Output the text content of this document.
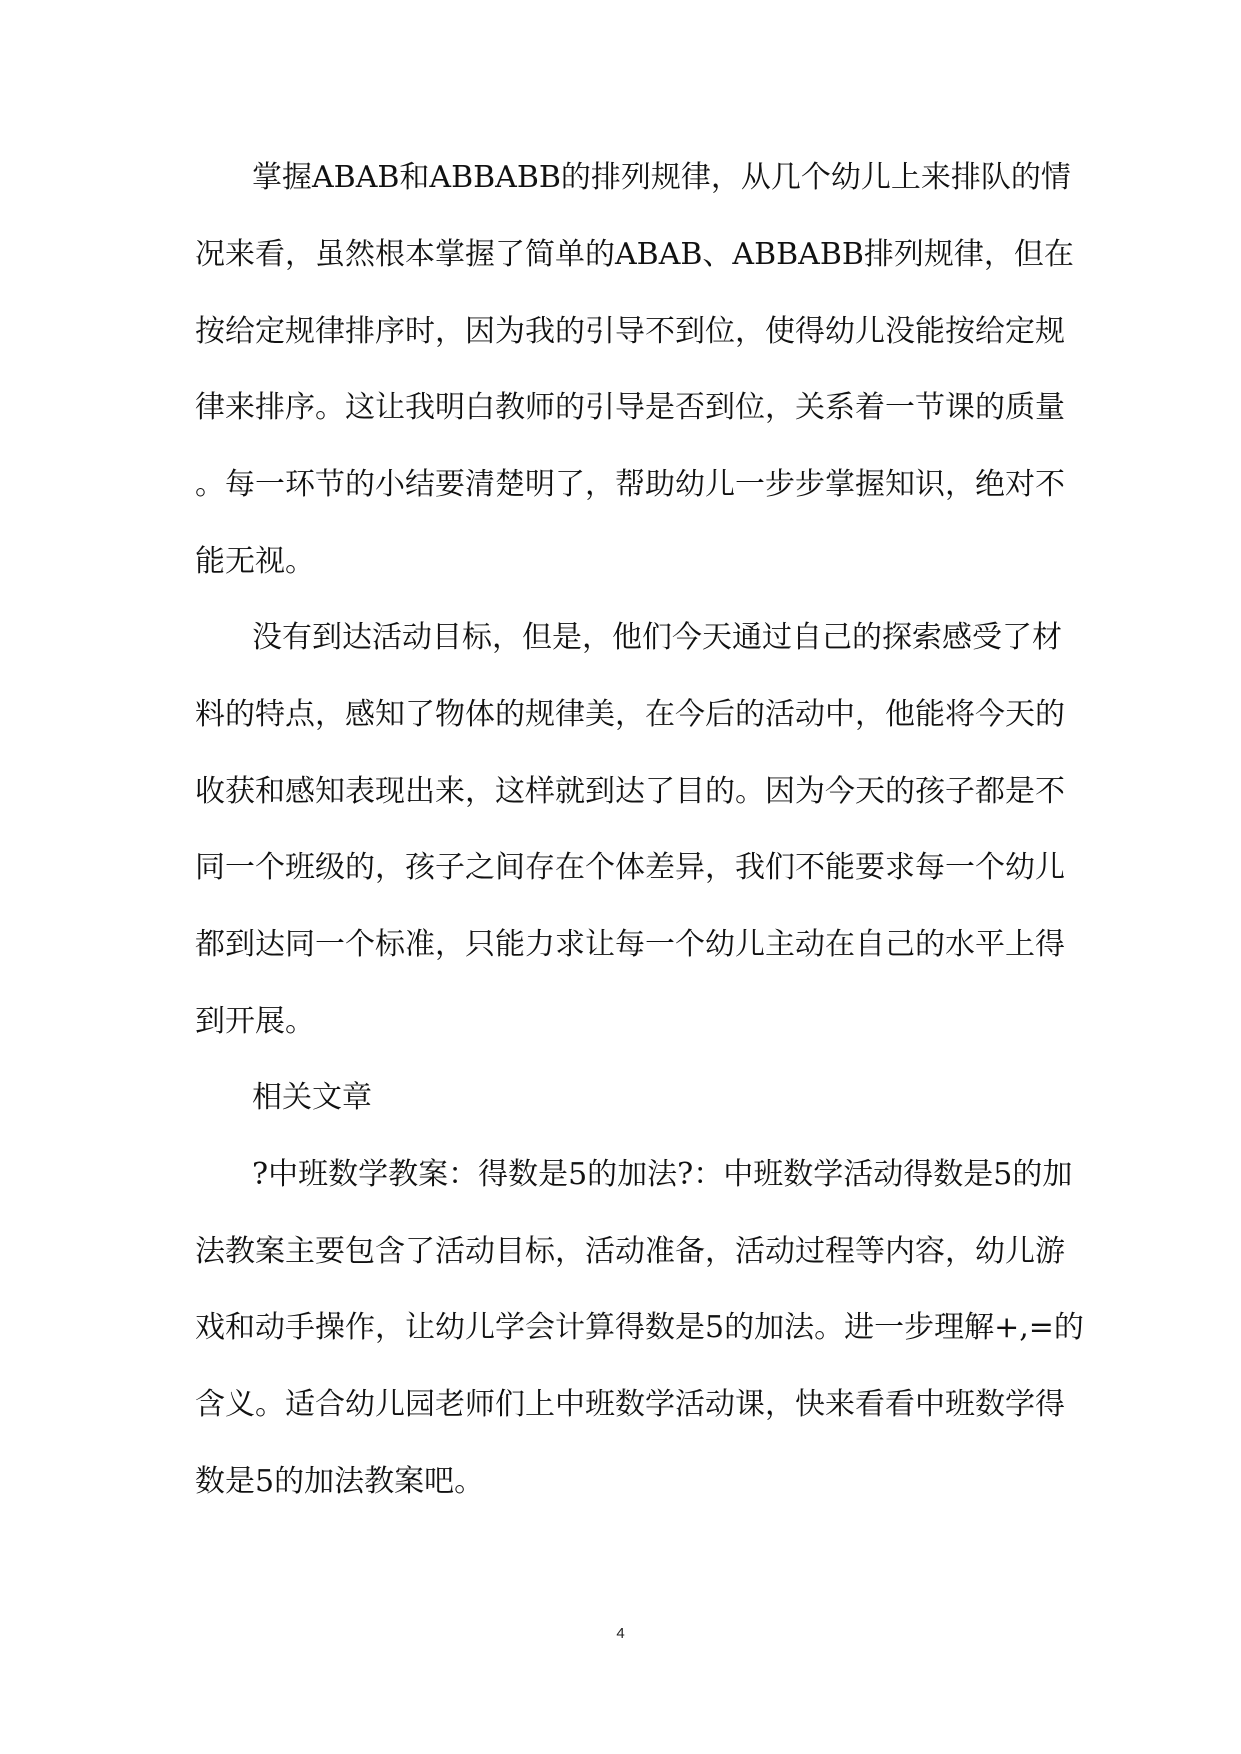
掌握ABAB和ABBABB的排列规律，从几个幼儿上来排队的情
况来看，虽然根本掌握了简单的ABAB、ABBABB排列规律，但在
按给定规律排序时，因为我的引导不到位，使得幼儿没能按给定规
律来排序。这让我明白教师的引导是否到位，关系着一节课的质量
。每一环节的小结要清楚明了，帮助幼儿一步步掌握知识，绝对不
能无视。
没有到达活动目标，但是，他们今天通过自己的探索感受了材
料的特点，感知了物体的规律美，在今后的活动中，他能将今天的
收获和感知表现出来，这样就到达了目的。因为今天的孩子都是不
同一个班级的，孩子之间存在个体差异，我们不能要求每一个幼儿
都到达同一个标准，只能力求让每一个幼儿主动在自己的水平上得
到开展。
相关文章
?中班数学教案：得数是5的加法?：中班数学活动得数是5的加
法教案主要包含了活动目标，活动准备，活动过程等内容，幼儿游
戏和动手操作，让幼儿学会计算得数是5的加法。进一步理解+,=的
含义。适合幼儿园老师们上中班数学活动课，快来看看中班数学得
数是5的加法教案吧。
4
